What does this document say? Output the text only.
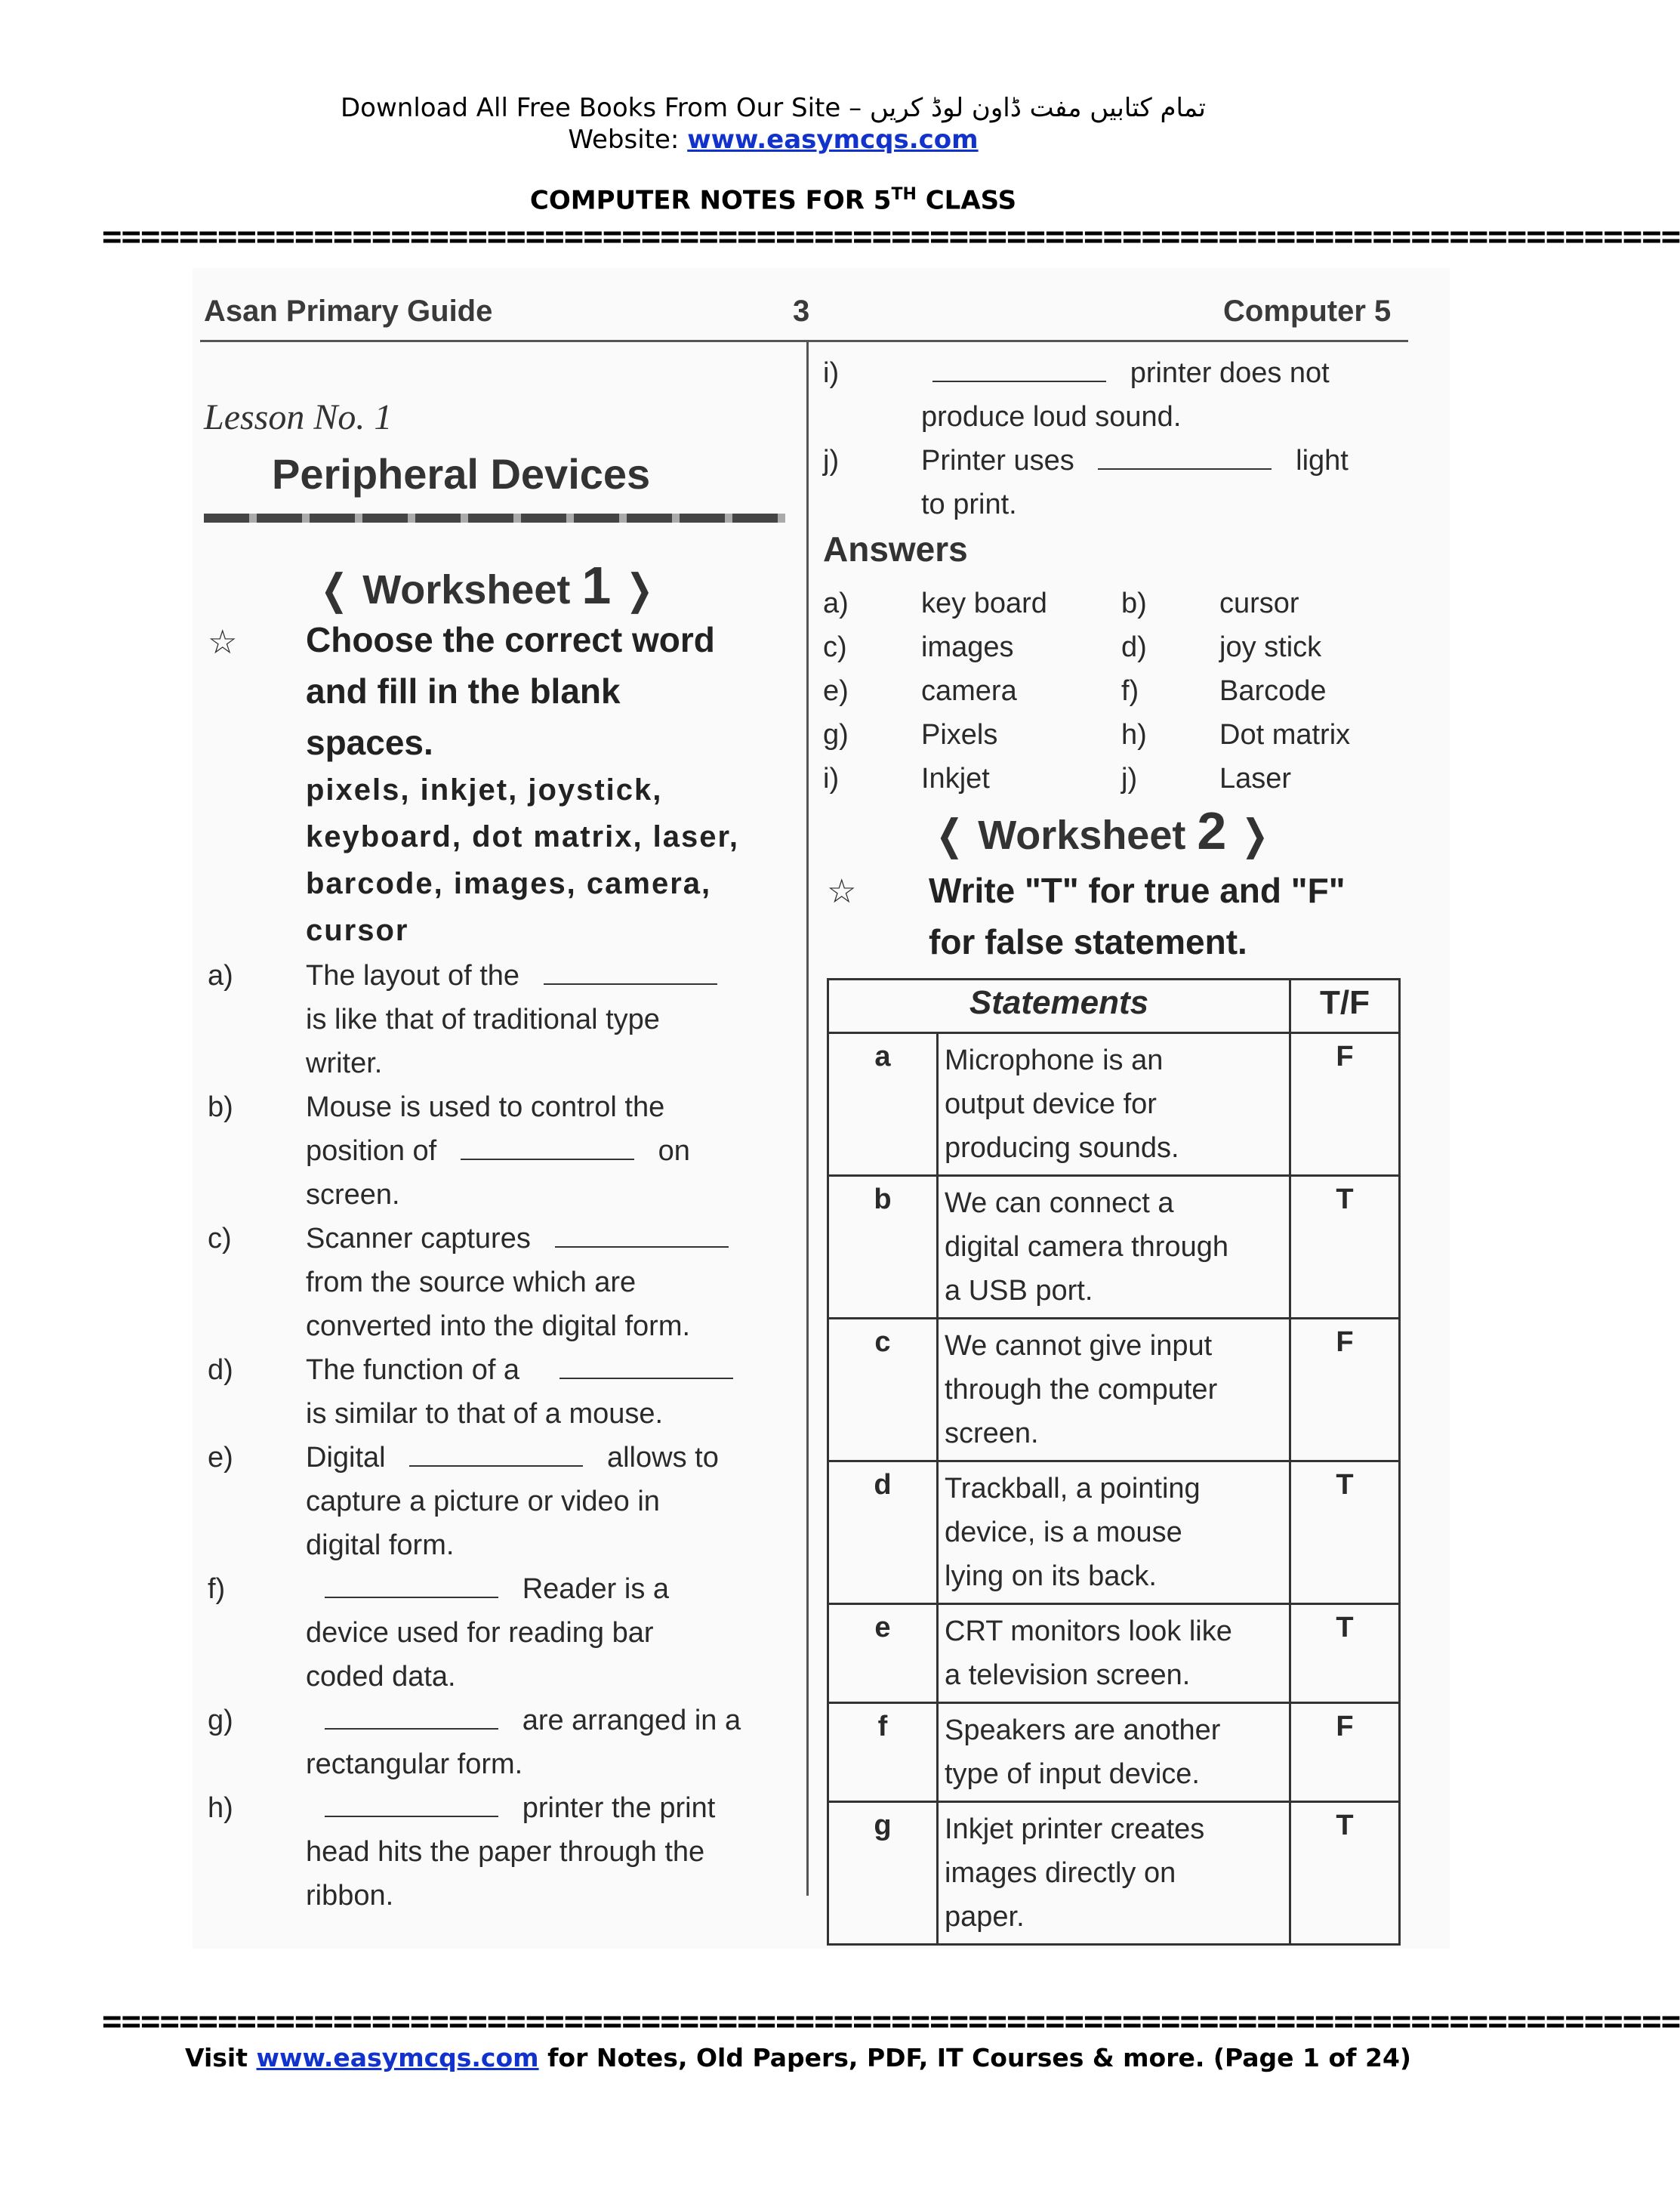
Download All Free Books From Our Site – تمام کتابیں مفت ڈاون لوڈ کریں
Website: www.easymcqs.com
COMPUTER NOTES FOR 5TH CLASS
==================================================================================
Asan Primary Guide	3	Computer 5
Lesson No. 1
Peripheral Devices
❬ Worksheet 1 ❭
☆ Choose the correct word
and fill in the blank
spaces.
pixels, inkjet, joystick,
keyboard, dot matrix, laser,
barcode, images, camera,
cursor
a)	The layout of the
is like that of traditional type
writer.
b)	Mouse is used to control the
position of	on
screen.
c)	Scanner captures
from the source which are
converted into the digital form.
d)	The function of a
is similar to that of a mouse.
e)	Digital	allows to
capture a picture or video in
digital form.
f)	Reader is a
device used for reading bar
coded data.
g)	are arranged in a
rectangular form.
h)	printer the print
head hits the paper through the
ribbon.
i)	printer does not
produce loud sound.
j)	Printer uses	light
to print.
Answers
a)	key board	b)	cursor
c)	images	d)	joy stick
e)	camera	f)	Barcode
g)	Pixels	h)	Dot matrix
i)	Inkjet	j)	Laser
❬ Worksheet 2 ❭
☆ Write "T" for true and "F"
for false statement.
Statements		T/F
a	Microphone is an
output device for
producing sounds.	F
b	We can connect a
digital camera through
a USB port.	T
c	We cannot give input
through the computer
screen.	F
d	Trackball, a pointing
device, is a mouse
lying on its back.	T
e	CRT monitors look like
a television screen.	T
f	Speakers are another
type of input device.	F
g	Inkjet printer creates
images directly on
paper.	T
==================================================================================
Visit www.easymcqs.com for Notes, Old Papers, PDF, IT Courses & more. (Page 1 of 24)
